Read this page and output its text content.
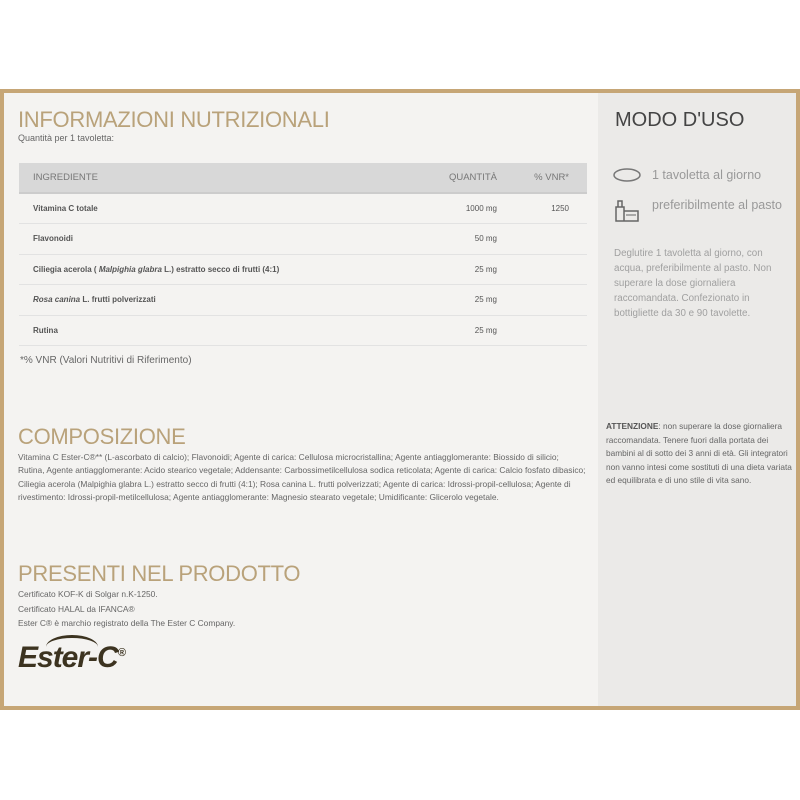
INFORMAZIONI NUTRIZIONALI
Quantità per 1 tavoletta:
INGREDIENTE	QUANTITÀ	% VNR*
Vitamina C totale	1000 mg	1250
Flavonoidi	50 mg	
Ciliegia acerola ( Malpighia glabra L.) estratto secco di frutti (4:1)	25 mg	
Rosa canina L. frutti polverizzati	25 mg	
Rutina	25 mg	
*% VNR (Valori Nutritivi di Riferimento)
COMPOSIZIONE
Vitamina C Ester-C®** (L-ascorbato di calcio); Flavonoidi; Agente di carica: Cellulosa microcristallina; Agente antiagglomerante: Biossido di silicio; Rutina, Agente antiagglomerante: Acido stearico vegetale; Addensante: Carbossimetilcellulosa sodica reticolata; Agente di carica: Calcio fosfato dibasico; Ciliegia acerola (Malpighia glabra L.) estratto secco di frutti (4:1); Rosa canina L. frutti polverizzati; Agente di carica: Idrossi-propil-cellulosa; Agente di rivestimento: Idrossi-propil-metilcellulosa; Agente antiagglomerante: Magnesio stearato vegetale; Umidificante: Glicerolo vegetale.
PRESENTI NEL PRODOTTO
Certificato KOF-K di Solgar n.K-1250.
Certificato HALAL da IFANCA®
Ester C® è marchio registrato della The Ester C Company.
Ester-C®
MODO D'USO
1 tavoletta al giorno
preferibilmente al pasto
Deglutire 1 tavoletta al giorno, con acqua, preferibilmente al pasto. Non superare la dose giornaliera raccomandata. Confezionato in bottigliette da 30 e 90 tavolette.
ATTENZIONE: non superare la dose giornaliera raccomandata. Tenere fuori dalla portata dei bambini al di sotto dei 3 anni di età. Gli integratori non vanno intesi come sostituti di una dieta variata ed equilibrata e di uno stile di vita sano.
